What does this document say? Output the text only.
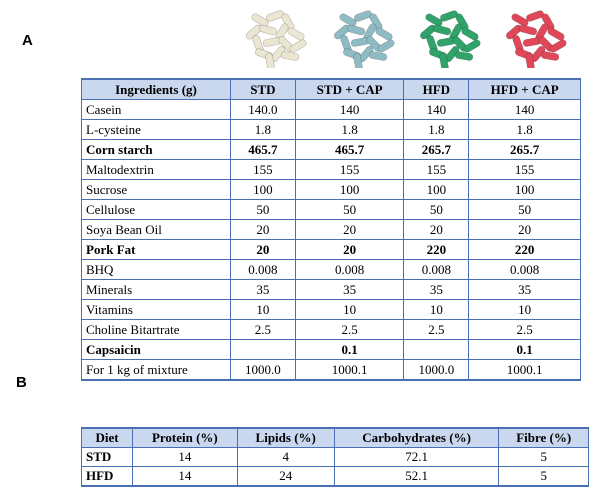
A
Ingredients (g)	STD	STD + CAP	HFD	HFD + CAP
Casein	140.0	140	140	140
L-cysteine	1.8	1.8	1.8	1.8
Corn starch	465.7	465.7	265.7	265.7
Maltodextrin	155	155	155	155
Sucrose	100	100	100	100
Cellulose	50	50	50	50
Soya Bean Oil	20	20	20	20
Pork Fat	20	20	220	220
BHQ	0.008	0.008	0.008	0.008
Minerals	35	35	35	35
Vitamins	10	10	10	10
Choline Bitartrate	2.5	2.5	2.5	2.5
Capsaicin		0.1		0.1
For 1 kg of mixture	1000.0	1000.1	1000.0	1000.1
B
Diet	Protein (%)	Lipids (%)	Carbohydrates (%)	Fibre (%)
STD	14	4	72.1	5
HFD	14	24	52.1	5
